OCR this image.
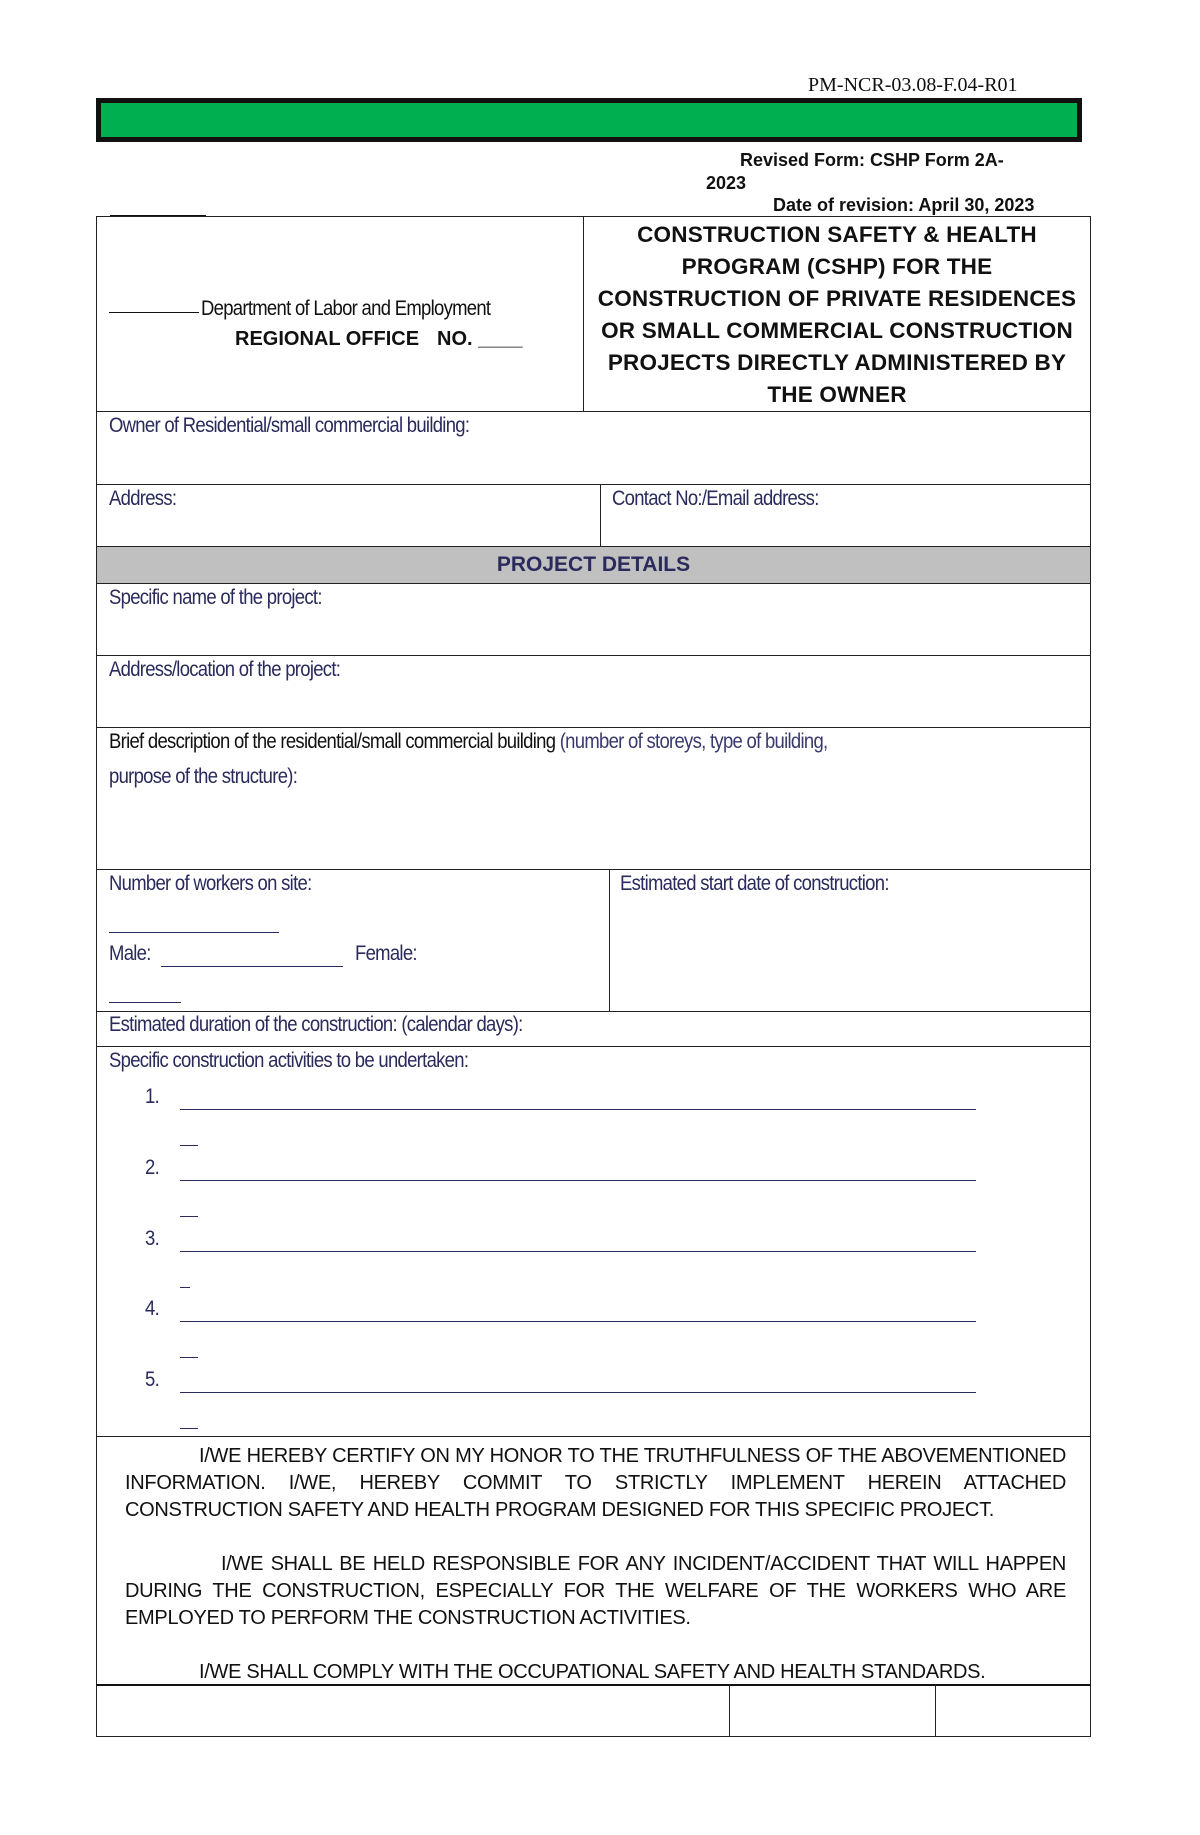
PM-NCR-03.08-F.04-R01
Revised Form: CSHP Form 2A-
2023
Date of revision: April 30, 2023
Department of Labor and Employment
REGIONAL OFFICE NO. ____
CONSTRUCTION SAFETY & HEALTH
PROGRAM (CSHP) FOR THE
CONSTRUCTION OF PRIVATE RESIDENCES
OR SMALL COMMERCIAL CONSTRUCTION
PROJECTS DIRECTLY ADMINISTERED BY
THE OWNER
Owner of Residential/small commercial building:
Address:	Contact No:/Email address:
PROJECT DETAILS
Specific name of the project:
Address/location of the project:
Brief description of the residential/small commercial building (number of storeys, type of building,
purpose of the structure):
Number of workers on site:
Male:	Female:
Estimated start date of construction:
Estimated duration of the construction: (calendar days):
Specific construction activities to be undertaken:
1.
2.
3.
4.
5.

I/WE HEREBY CERTIFY ON MY HONOR TO THE TRUTHFULNESS OF THE ABOVEMENTIONED INFORMATION. I/WE, HEREBY COMMIT TO STRICTLY IMPLEMENT HEREIN ATTACHED CONSTRUCTION SAFETY AND HEALTH PROGRAM DESIGNED FOR THIS SPECIFIC PROJECT.

I/WE SHALL BE HELD RESPONSIBLE FOR ANY INCIDENT/ACCIDENT THAT WILL HAPPEN DURING THE CONSTRUCTION, ESPECIALLY FOR THE WELFARE OF THE WORKERS WHO ARE EMPLOYED TO PERFORM THE CONSTRUCTION ACTIVITIES.

I/WE SHALL COMPLY WITH THE OCCUPATIONAL SAFETY AND HEALTH STANDARDS.
